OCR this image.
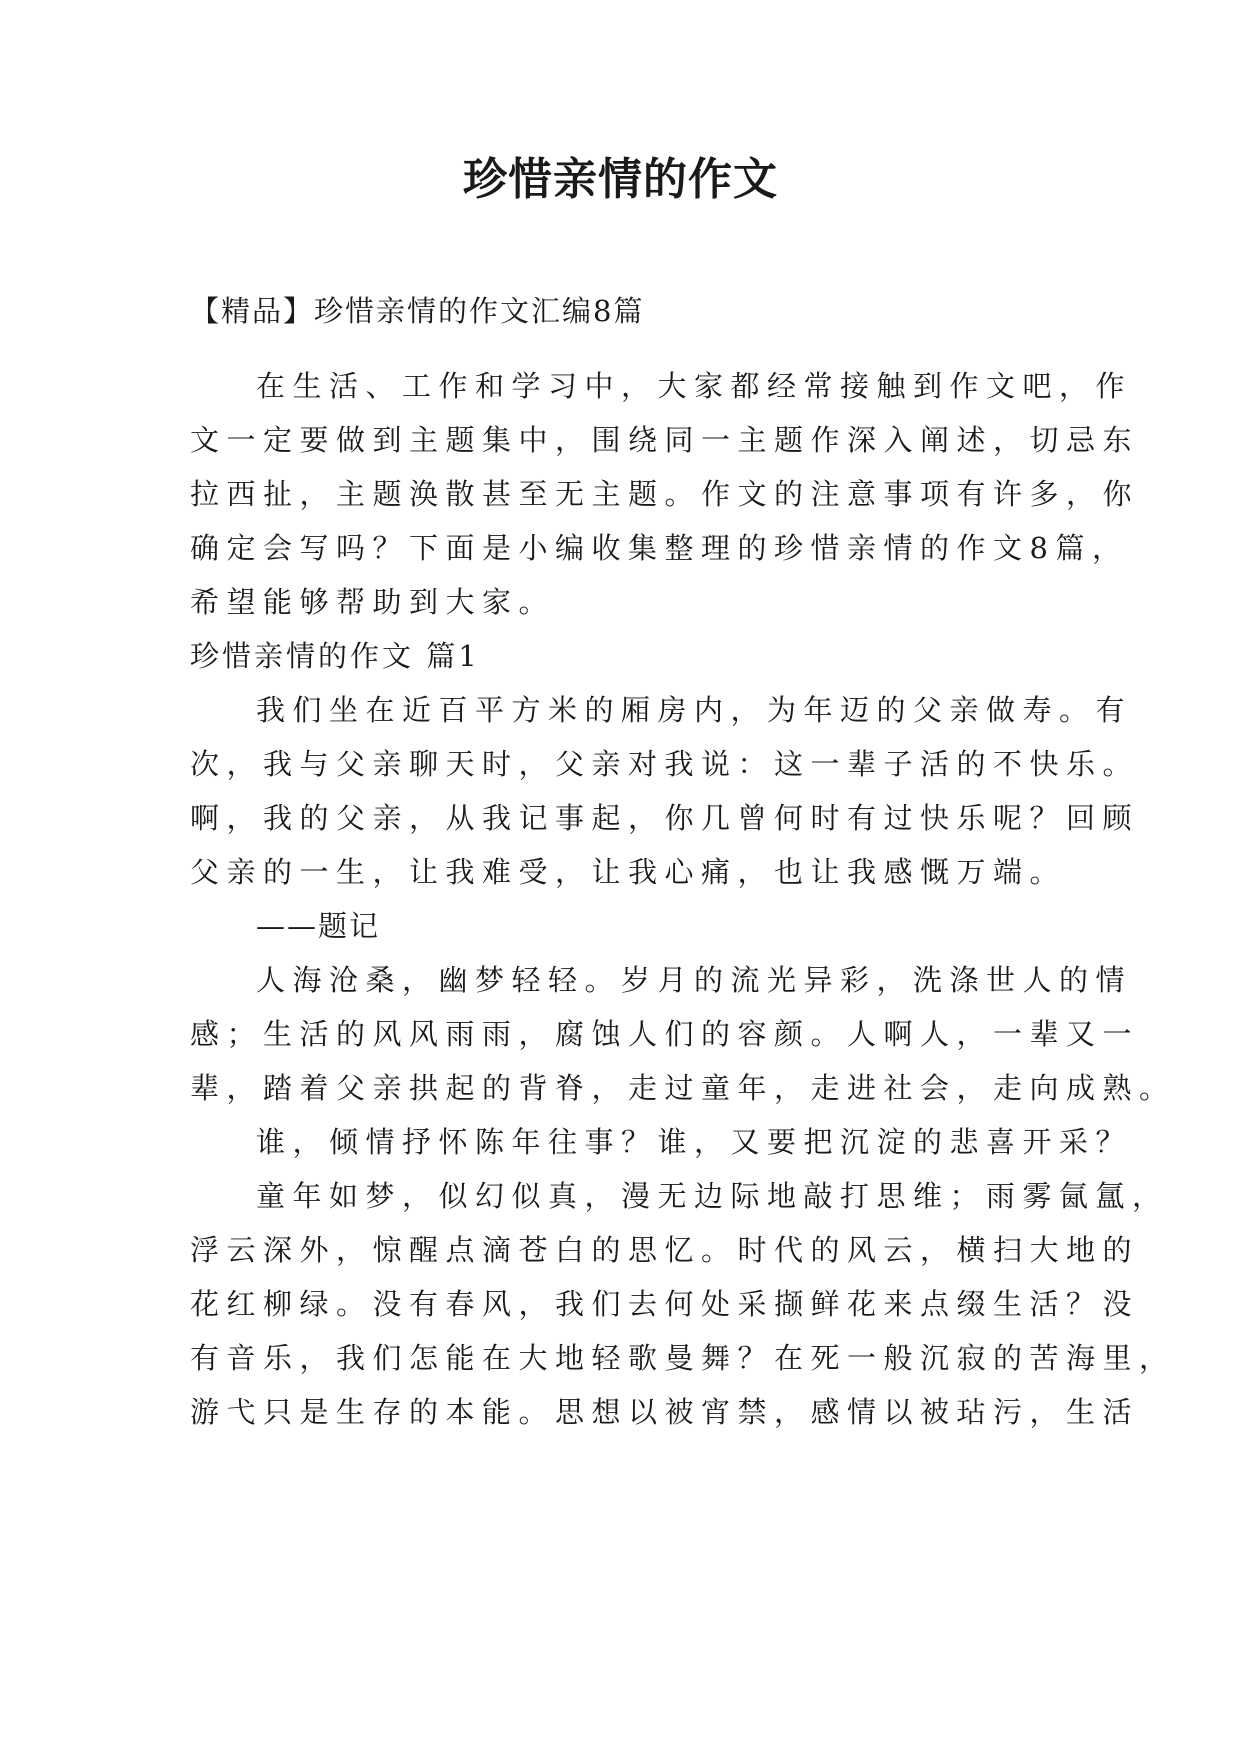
珍惜亲情的作文
【精品】珍惜亲情的作文汇编8篇
在生活、工作和学习中，大家都经常接触到作文吧，作
文一定要做到主题集中，围绕同一主题作深入阐述，切忌东
拉西扯，主题涣散甚至无主题。作文的注意事项有许多，你
确定会写吗？下面是小编收集整理的珍惜亲情的作文8篇，
希望能够帮助到大家。
珍惜亲情的作文 篇1
我们坐在近百平方米的厢房内，为年迈的父亲做寿。有
次，我与父亲聊天时，父亲对我说：这一辈子活的不快乐。
啊，我的父亲，从我记事起，你几曾何时有过快乐呢？回顾
父亲的一生，让我难受，让我心痛，也让我感慨万端。
——题记
人海沧桑，幽梦轻轻。岁月的流光异彩，洗涤世人的情
感；生活的风风雨雨，腐蚀人们的容颜。人啊人，一辈又一
辈，踏着父亲拱起的背脊，走过童年，走进社会，走向成熟。
谁，倾情抒怀陈年往事？谁，又要把沉淀的悲喜开采？
童年如梦，似幻似真，漫无边际地敲打思维；雨雾氤氲，
浮云深外，惊醒点滴苍白的思忆。时代的风云，横扫大地的
花红柳绿。没有春风，我们去何处采撷鲜花来点缀生活？没
有音乐，我们怎能在大地轻歌曼舞？在死一般沉寂的苦海里，
游弋只是生存的本能。思想以被宵禁，感情以被玷污，生活
